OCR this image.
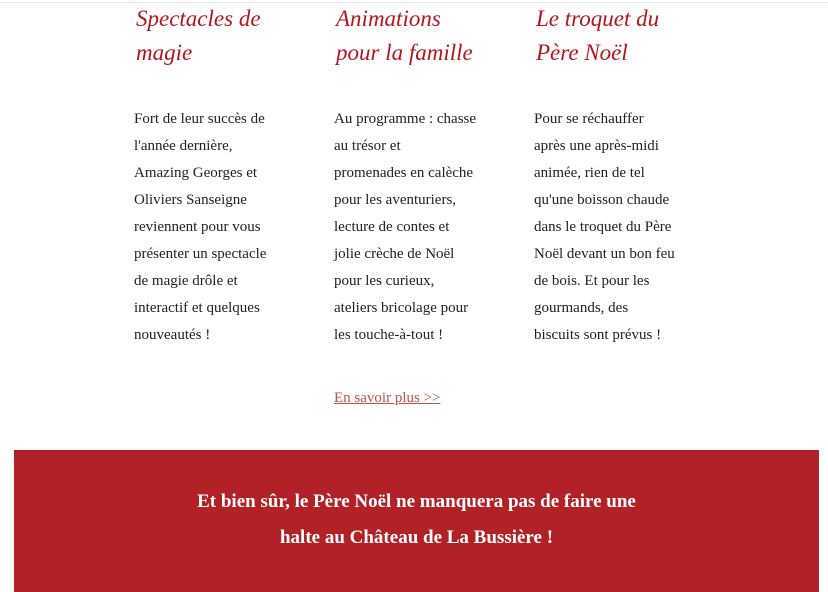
Spectacles de
magie

Fort de leur succès de
l'année dernière,
Amazing Georges et
Oliviers Sanseigne
reviennent pour vous
présenter un spectacle
de magie drôle et
interactif et quelques
nouveautés !

Animations
pour la famille

Au programme : chasse
au trésor et
promenades en calèche
pour les aventuriers,
lecture de contes et
jolie crèche de Noël
pour les curieux,
ateliers bricolage pour
les touche-à-tout !

Le troquet du
Père Noël

Pour se réchauffer
après une après-midi
animée, rien de tel
qu'une boisson chaude
dans le troquet du Père
Noël devant un bon feu
de bois. Et pour les
gourmands, des
biscuits sont prévus !

En savoir plus >>

Et bien sûr, le Père Noël ne manquera pas de faire une
halte au Château de La Bussière !
